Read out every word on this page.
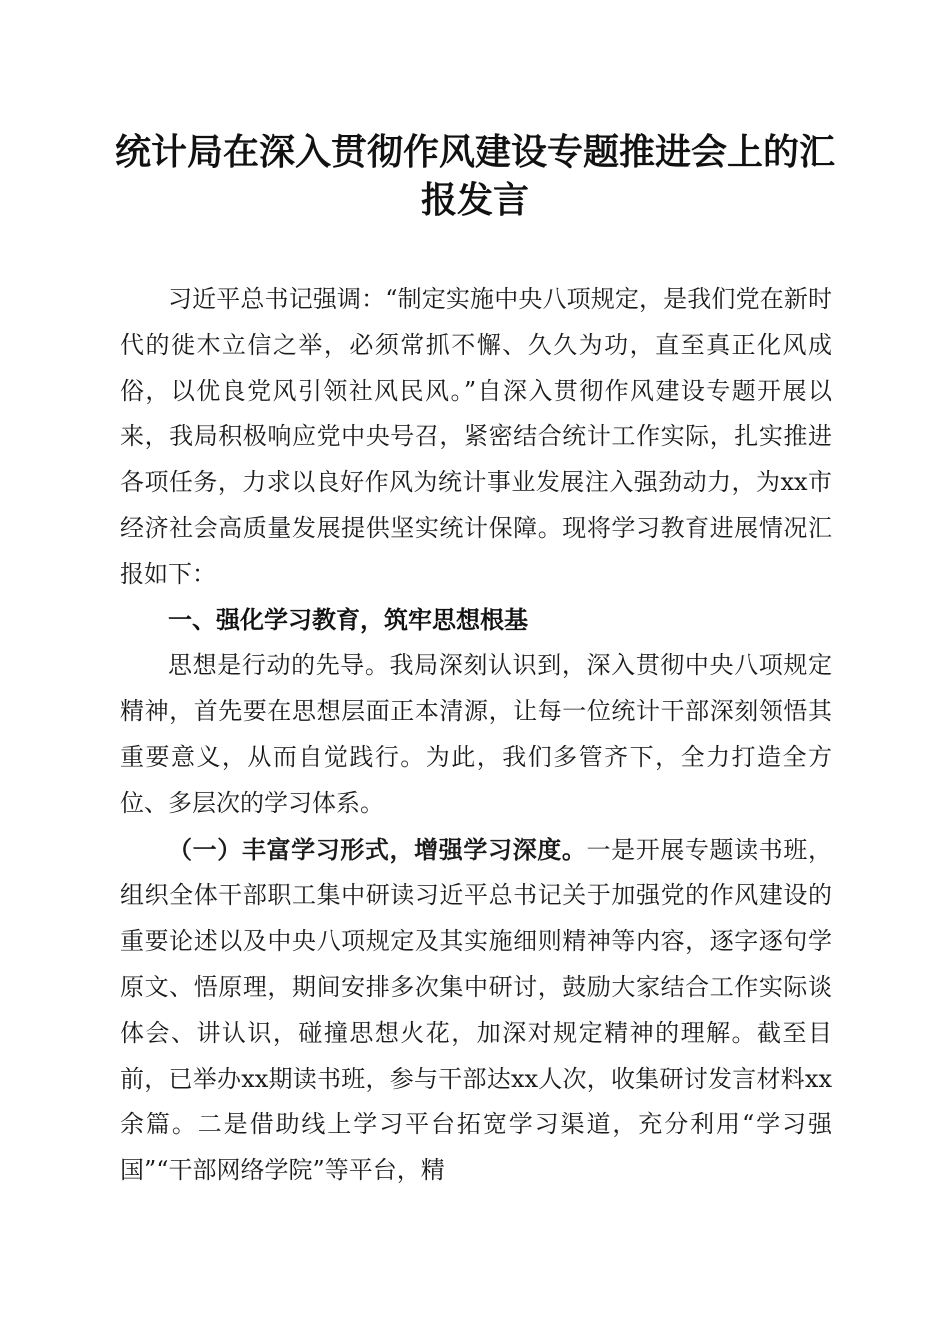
统计局在深入贯彻作风建设专题推进会上的汇报发言

习近平总书记强调：“制定实施中央八项规定，是我们党在新时代的徙木立信之举，必须常抓不懈、久久为功，直至真正化风成俗，以优良党风引领社风民风。”自深入贯彻作风建设专题开展以来，我局积极响应党中央号召，紧密结合统计工作实际，扎实推进各项任务，力求以良好作风为统计事业发展注入强劲动力，为xx市经济社会高质量发展提供坚实统计保障。现将学习教育进展情况汇报如下：

一、强化学习教育，筑牢思想根基

思想是行动的先导。我局深刻认识到，深入贯彻中央八项规定精神，首先要在思想层面正本清源，让每一位统计干部深刻领悟其重要意义，从而自觉践行。为此，我们多管齐下，全力打造全方位、多层次的学习体系。

（一）丰富学习形式，增强学习深度。一是开展专题读书班，组织全体干部职工集中研读习近平总书记关于加强党的作风建设的重要论述以及中央八项规定及其实施细则精神等内容，逐字逐句学原文、悟原理，期间安排多次集中研讨，鼓励大家结合工作实际谈体会、讲认识，碰撞思想火花，加深对规定精神的理解。截至目前，已举办xx期读书班，参与干部达xx人次，收集研讨发言材料xx余篇。二是借助线上学习平台拓宽学习渠道，充分利用“学习强国”“干部网络学院”等平台，精
